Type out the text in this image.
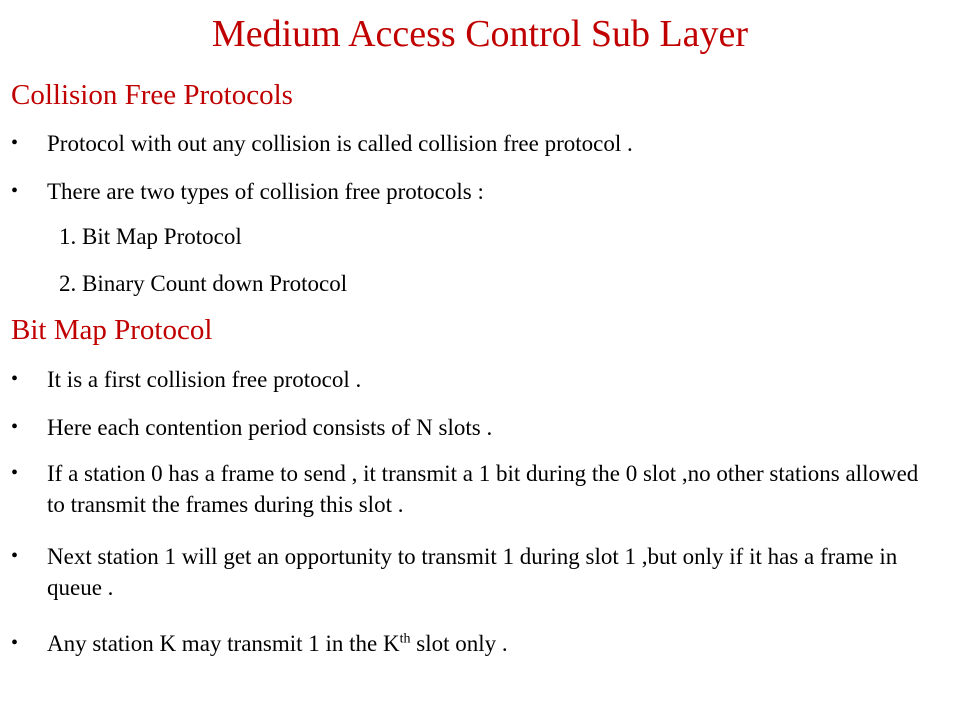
Medium Access Control Sub Layer
Collision Free Protocols
•	Protocol with out any collision is called collision free protocol .
•	There are two types of collision free protocols :
1. Bit Map Protocol
2. Binary Count down Protocol
Bit Map Protocol
•	It is a first collision free protocol .
•	Here each contention period consists of N slots .
•	If a station 0 has a frame to send , it transmit a 1 bit during the 0 slot ,no other stations allowed to transmit the frames during this slot .
•	Next station 1 will get an opportunity to transmit 1 during slot 1 ,but only if it has a frame in queue .
•	Any station K may transmit 1 in the $K^{th}$ slot only .
